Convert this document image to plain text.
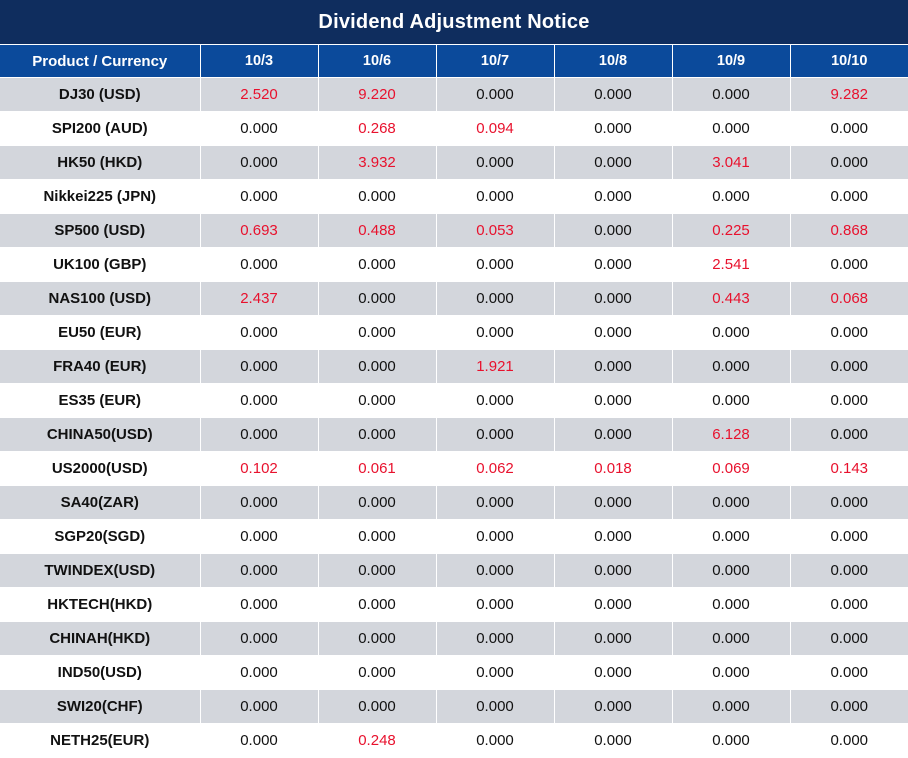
Dividend Adjustment Notice
Product / Currency	10/3	10/6	10/7	10/8	10/9	10/10
DJ30 (USD)	2.520	9.220	0.000	0.000	0.000	9.282
SPI200 (AUD)	0.000	0.268	0.094	0.000	0.000	0.000
HK50 (HKD)	0.000	3.932	0.000	0.000	3.041	0.000
Nikkei225 (JPN)	0.000	0.000	0.000	0.000	0.000	0.000
SP500 (USD)	0.693	0.488	0.053	0.000	0.225	0.868
UK100 (GBP)	0.000	0.000	0.000	0.000	2.541	0.000
NAS100 (USD)	2.437	0.000	0.000	0.000	0.443	0.068
EU50 (EUR)	0.000	0.000	0.000	0.000	0.000	0.000
FRA40 (EUR)	0.000	0.000	1.921	0.000	0.000	0.000
ES35 (EUR)	0.000	0.000	0.000	0.000	0.000	0.000
CHINA50(USD)	0.000	0.000	0.000	0.000	6.128	0.000
US2000(USD)	0.102	0.061	0.062	0.018	0.069	0.143
SA40(ZAR)	0.000	0.000	0.000	0.000	0.000	0.000
SGP20(SGD)	0.000	0.000	0.000	0.000	0.000	0.000
TWINDEX(USD)	0.000	0.000	0.000	0.000	0.000	0.000
HKTECH(HKD)	0.000	0.000	0.000	0.000	0.000	0.000
CHINAH(HKD)	0.000	0.000	0.000	0.000	0.000	0.000
IND50(USD)	0.000	0.000	0.000	0.000	0.000	0.000
SWI20(CHF)	0.000	0.000	0.000	0.000	0.000	0.000
NETH25(EUR)	0.000	0.248	0.000	0.000	0.000	0.000
